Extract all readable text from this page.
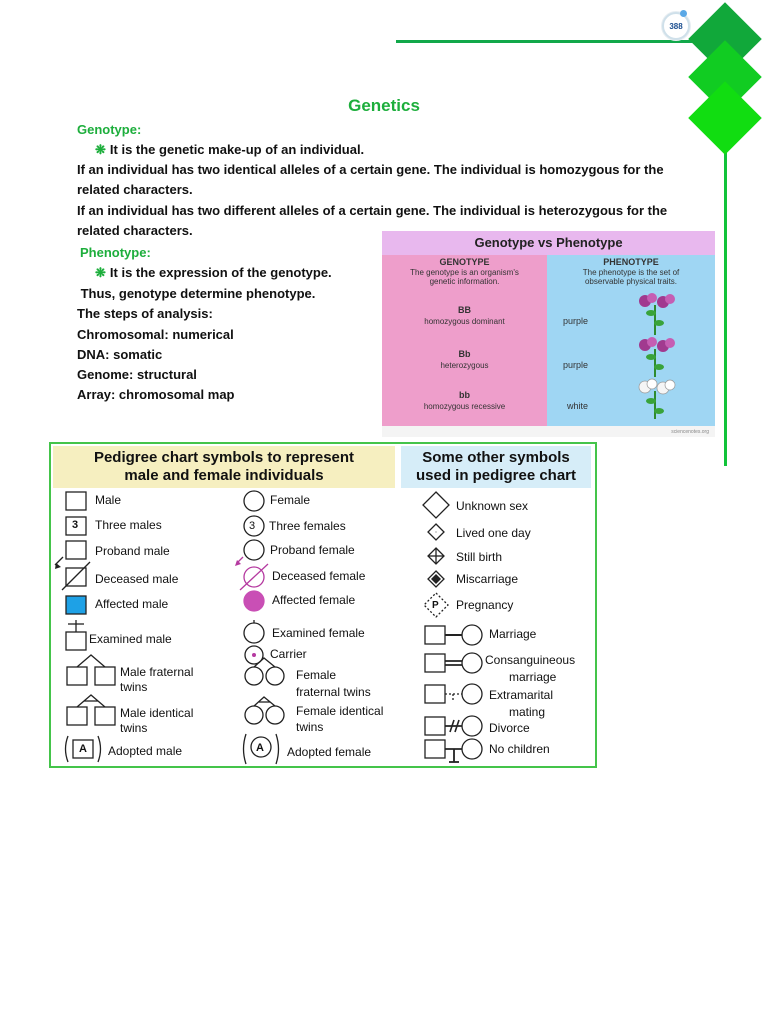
388
Genetics
Genotype:
❋ It is the genetic make-up of an individual.
If an individual has two identical alleles of a certain gene. The individual is homozygous for the
related characters.
If an individual has two different alleles of a certain gene. The individual is heterozygous for the
related characters.
Phenotype:
❋ It is the expression of the genotype.
Thus, genotype determine phenotype.
The steps of analysis:
Chromosomal: numerical
DNA: somatic
Genome: structural
Array: chromosomal map
Genotype vs Phenotype
GENOTYPE
The genotype is an organism's
genetic information.
BB
homozygous dominant
Bb
heterozygous
bb
homozygous recessive
PHENOTYPE
The phenotype is the set of
observable physical traits.
purple
purple
white
sciencenotes.org
Pedigree chart symbols to represent
male and female individuals
Some other symbols
used in pedigree chart
3	3
A	A
P
Male
Three males
Proband male
Deceased male
Affected male
Examined male
Male fraternal
twins
Male identical
twins
Adopted male
Female
Three females
Proband female
Deceased female
Affected female
Examined female
Carrier
Female
fraternal twins
Female identical
twins
Adopted female
Unknown sex
Lived one day
Still birth
Miscarriage
Pregnancy
Marriage
Consanguineous
marriage
Extramarital
mating
Divorce
No children
